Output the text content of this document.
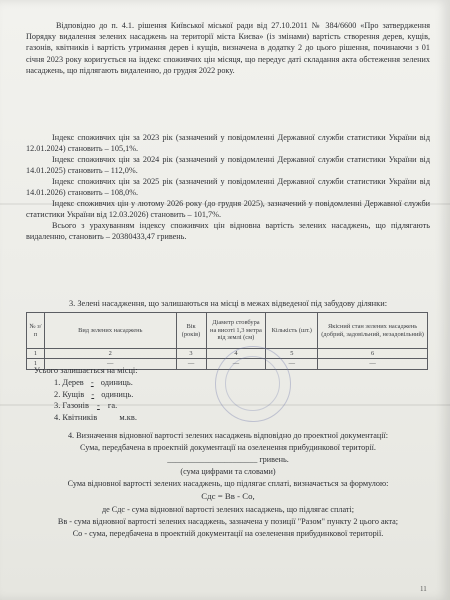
Відповідно до п. 4.1. рішення Київської міської ради від 27.10.2011 № 384/6600 «Про затвердження Порядку видалення зелених насаджень на території міста Києва» (із змінами) вартість створення дерев, кущів, газонів, квітників і вартість утримання дерев і кущів, визначена в додатку 2 до цього рішення, починаючи з 01 січня 2023 року коригується на індекс споживчих цін місяця, що передує даті складання акта обстеження зелених насаджень, що підлягають видаленню, до грудня 2022 року.

Індекс споживчих цін за 2023 рік (зазначений у повідомленні Державної служби статистики України від 12.01.2024) становить – 105,1%.

Індекс споживчих цін за 2024 рік (зазначений у повідомленні Державної служби статистики України від 14.01.2025) становить – 112,0%.

Індекс споживчих цін за 2025 рік (зазначений у повідомленні Державної служби статистики України від 14.01.2026) становить – 108,0%.

Індекс споживчих цін у лютому 2026 року (до грудня 2025), зазначений у повідомленні Державної служби статистики України від 12.03.2026) становить – 101,7%.

Всього з урахуванням індексу споживчих цін відновна вартість зелених насаджень, що підлягають видаленню, становить – 20380433,47 гривень.

3. Зелені насадження, що залишаються на місці в межах відведеної під забудову ділянки:

№ з/п	Вид зелених насаджень	Вік (років)	Діаметр стовбура на висоті 1,3 метра від землі (см)	Кількість (шт.)	Якісний стан зелених насаджень (добрий, задовільний, незадовільний)
1	2	3	4	5	6
1	—	—	—	—	—
Усього залишається на місці:
1. Дерев - одиниць.
2. Кущів - одиниць.
3. Газонів - га.
4. Квітників	м.кв.

4. Визначення відновної вартості зелених насаджень відповідно до проектної документації:

Сума, передбачена в проектній документації на озеленення прибудинкової території.

______________________ гривень.

(сума цифрами та словами)

Сума відновної вартості зелених насаджень, що підлягає сплаті, визначається за формулою:

Сдс = Вв - Со,

де Сдс - сума відновної вартості зелених насаджень, що підлягає сплаті;

Вв - сума відновної вартості зелених насаджень, зазначена у позиції "Разом" пункту 2 цього акта;

Со - сума, передбачена в проектній документації на озеленення прибудинкової території.

11
